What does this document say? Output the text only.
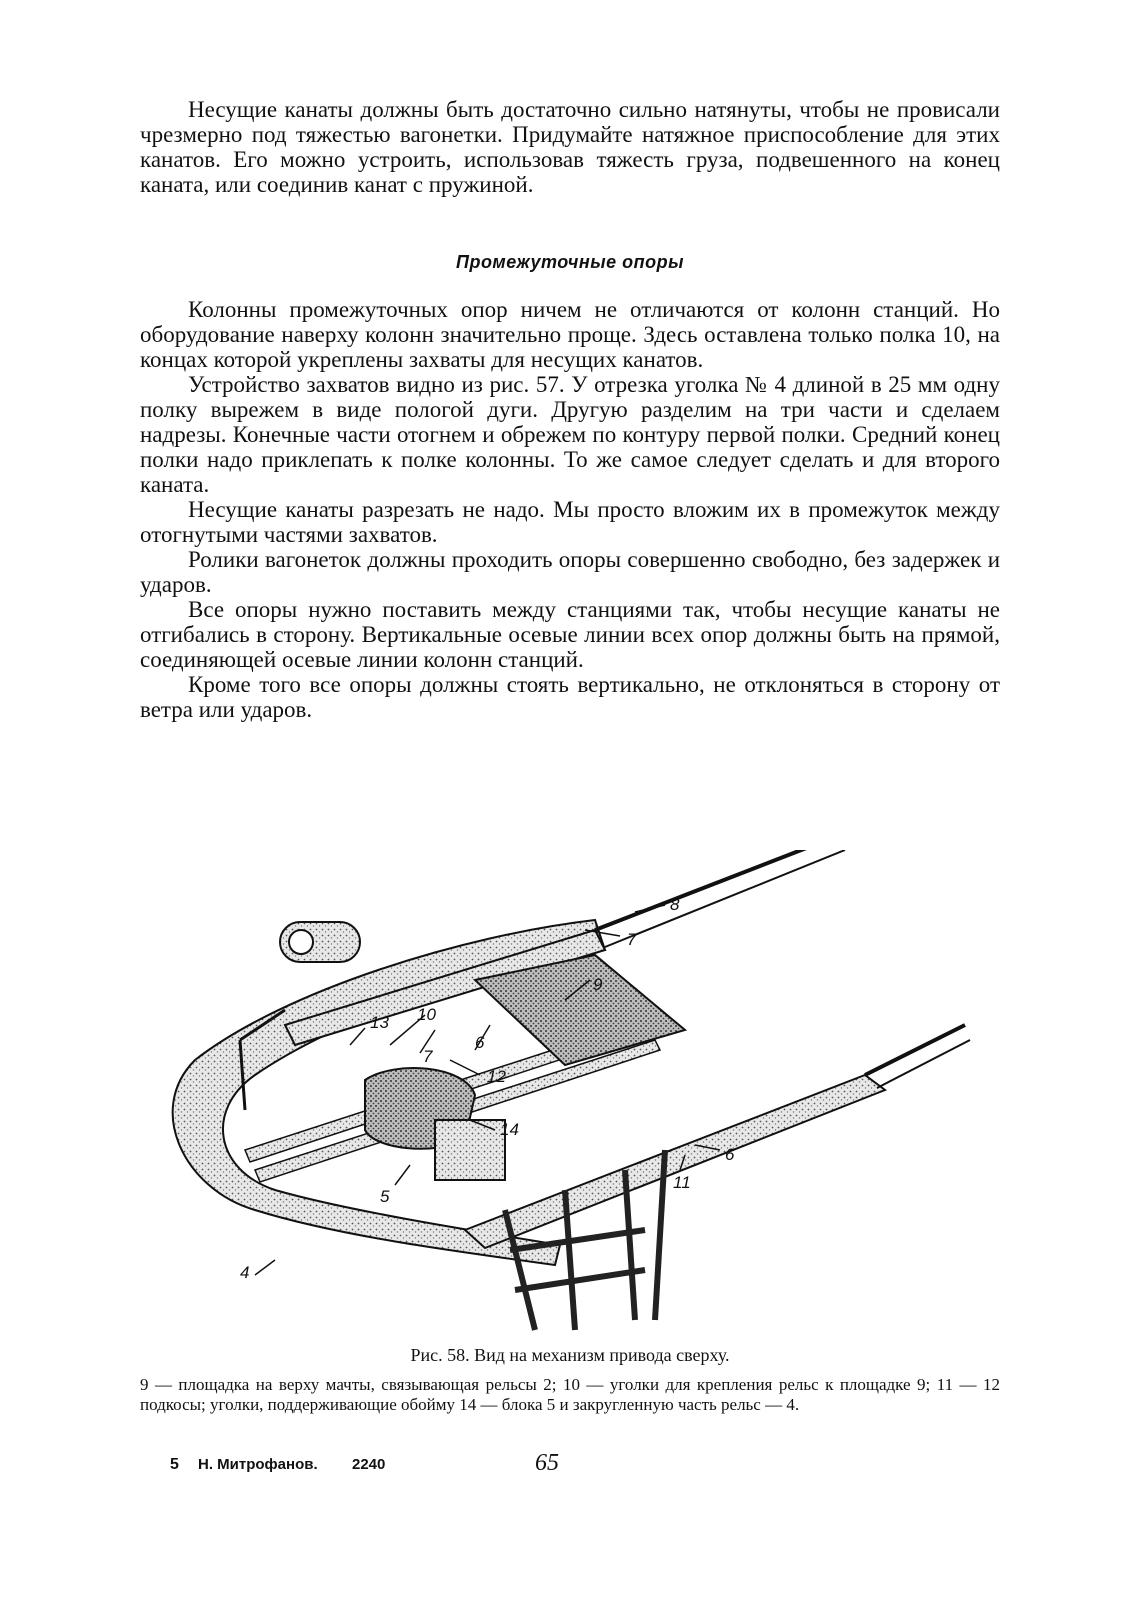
Несущие канаты должны быть достаточно сильно натянуты, чтобы не провисали чрезмерно под тяжестью вагонетки. Придумайте натяжное приспособление для этих канатов. Его можно устроить, использовав тяжесть груза, подвешенного на конец каната, или соединив канат с пружиной.

Промежуточные опоры

Колонны промежуточных опор ничем не отличаются от колонн станций. Но оборудование наверху колонн значительно проще. Здесь оставлена только полка 10, на концах которой укреплены захваты для несущих канатов.

Устройство захватов видно из рис. 57. У отрезка уголка № 4 длиной в 25 мм одну полку вырежем в виде пологой дуги. Другую разделим на три части и сделаем надрезы. Конечные части отогнем и обрежем по контуру первой полки. Средний конец полки надо приклепать к полке колонны. То же самое следует сделать и для второго каната.

Несущие канаты разрезать не надо. Мы просто вложим их в промежуток между отогнутыми частями захватов.

Ролики вагонеток должны проходить опоры совершенно свободно, без задержек и ударов.

Все опоры нужно поставить между станциями так, чтобы несущие канаты не отгибались в сторону. Вертикальные осевые линии всех опор должны быть на прямой, соединяющей осевые линии колонн станций.

Кроме того все опоры должны стоять вертикально, не отклоняться в сторону от ветра или ударов.

8
7
9
10
13
7
6
12
14
5
4
11
6

Рис. 58. Вид на механизм привода сверху.

9 — площадка на верху мачты, связывающая рельсы 2; 10 — уголки для крепления рельс к площадке 9; 11 — 12 подкосы; уголки, поддерживающие обойму 14 — блока 5 и закругленную часть рельс — 4.

5 Н. Митрофанов. 2240	65
